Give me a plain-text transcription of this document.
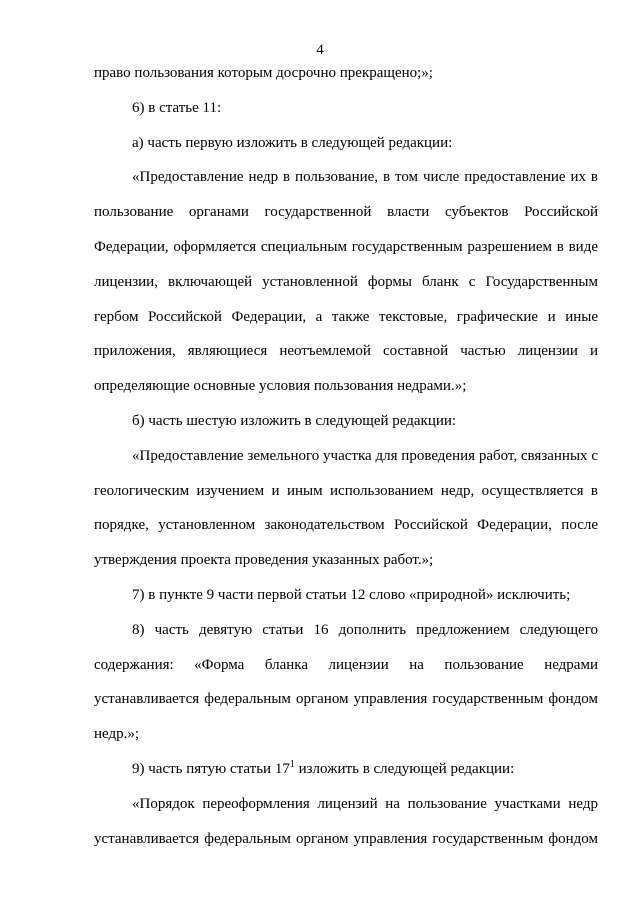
4

право пользования которым досрочно прекращено;»;

6) в статье 11:

а) часть первую изложить в следующей редакции:

«Предоставление недр в пользование, в том числе предоставление их в пользование органами государственной власти субъектов Российской Федерации, оформляется специальным государственным разрешением в виде лицензии, включающей установленной формы бланк с Государственным гербом Российской Федерации, а также текстовые, графические и иные приложения, являющиеся неотъемлемой составной частью лицензии и определяющие основные условия пользования недрами.»;

б) часть шестую изложить в следующей редакции:

«Предоставление земельного участка для проведения работ, связанных с геологическим изучением и иным использованием недр, осуществляется в порядке, установленном законодательством Российской Федерации, после утверждения проекта проведения указанных работ.»;

7) в пункте 9 части первой статьи 12 слово «природной» исключить;

8) часть девятую статьи 16 дополнить предложением следующего содержания: «Форма бланка лицензии на пользование недрами устанавливается федеральным органом управления государственным фондом недр.»;

9) часть пятую статьи $17^1$ изложить в следующей редакции:

«Порядок переоформления лицензий на пользование участками недр устанавливается федеральным органом управления государственным фондом
